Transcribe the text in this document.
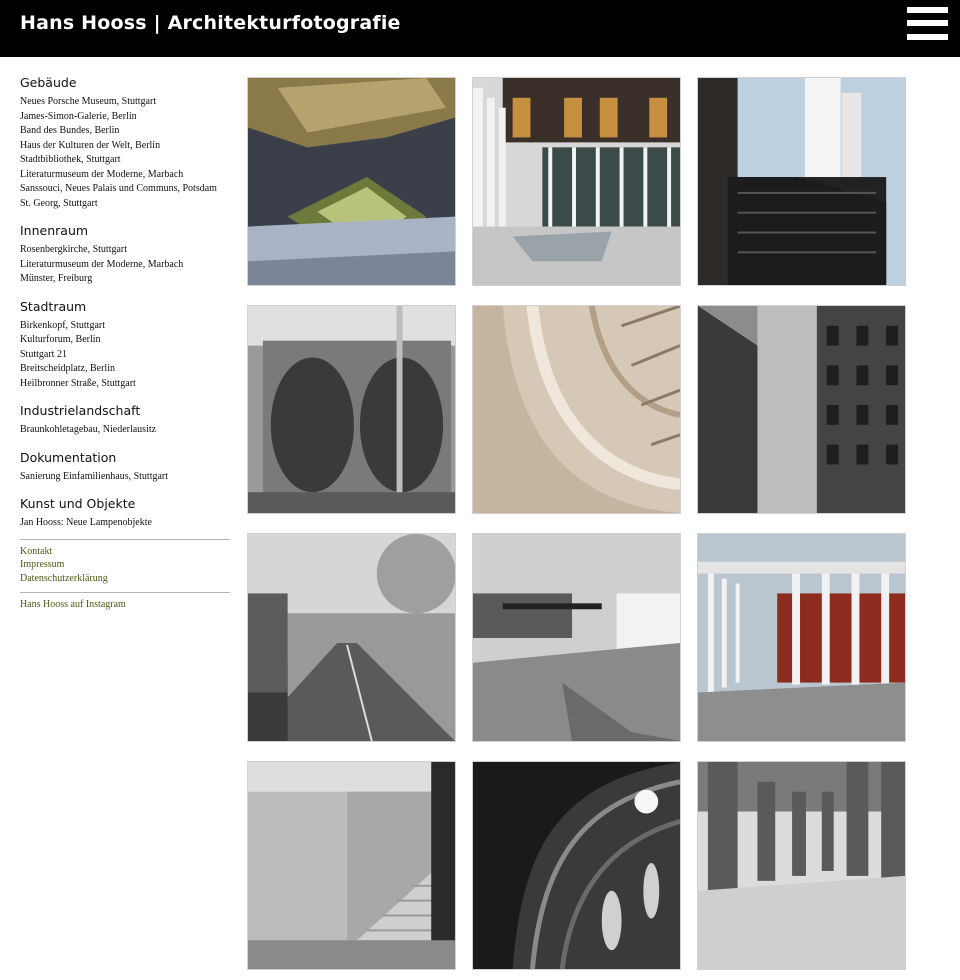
Hans Hooss | Architekturfotografie
Gebäude
Neues Porsche Museum, Stuttgart
James-Simon-Galerie, Berlin
Band des Bundes, Berlin
Haus der Kulturen der Welt, Berlin
Stadtbibliothek, Stuttgart
Literaturmuseum der Moderne, Marbach
Sanssouci, Neues Palais und Communs, Potsdam
St. Georg, Stuttgart
Innenraum
Rosenbergkirche, Stuttgart
Literaturmuseum der Moderne, Marbach
Münster, Freiburg
Stadtraum
Birkenkopf, Stuttgart
Kulturforum, Berlin
Stuttgart 21
Breitscheidplatz, Berlin
Heilbronner Straße, Stuttgart
Industrielandschaft
Braunkohletagebau, Niederlausitz
Dokumentation
Sanierung Einfamilienhaus, Stuttgart
Kunst und Objekte
Jan Hooss: Neue Lampenobjekte
Kontakt
Impressum
Datenschutzerklärung
Hans Hooss auf Instagram
